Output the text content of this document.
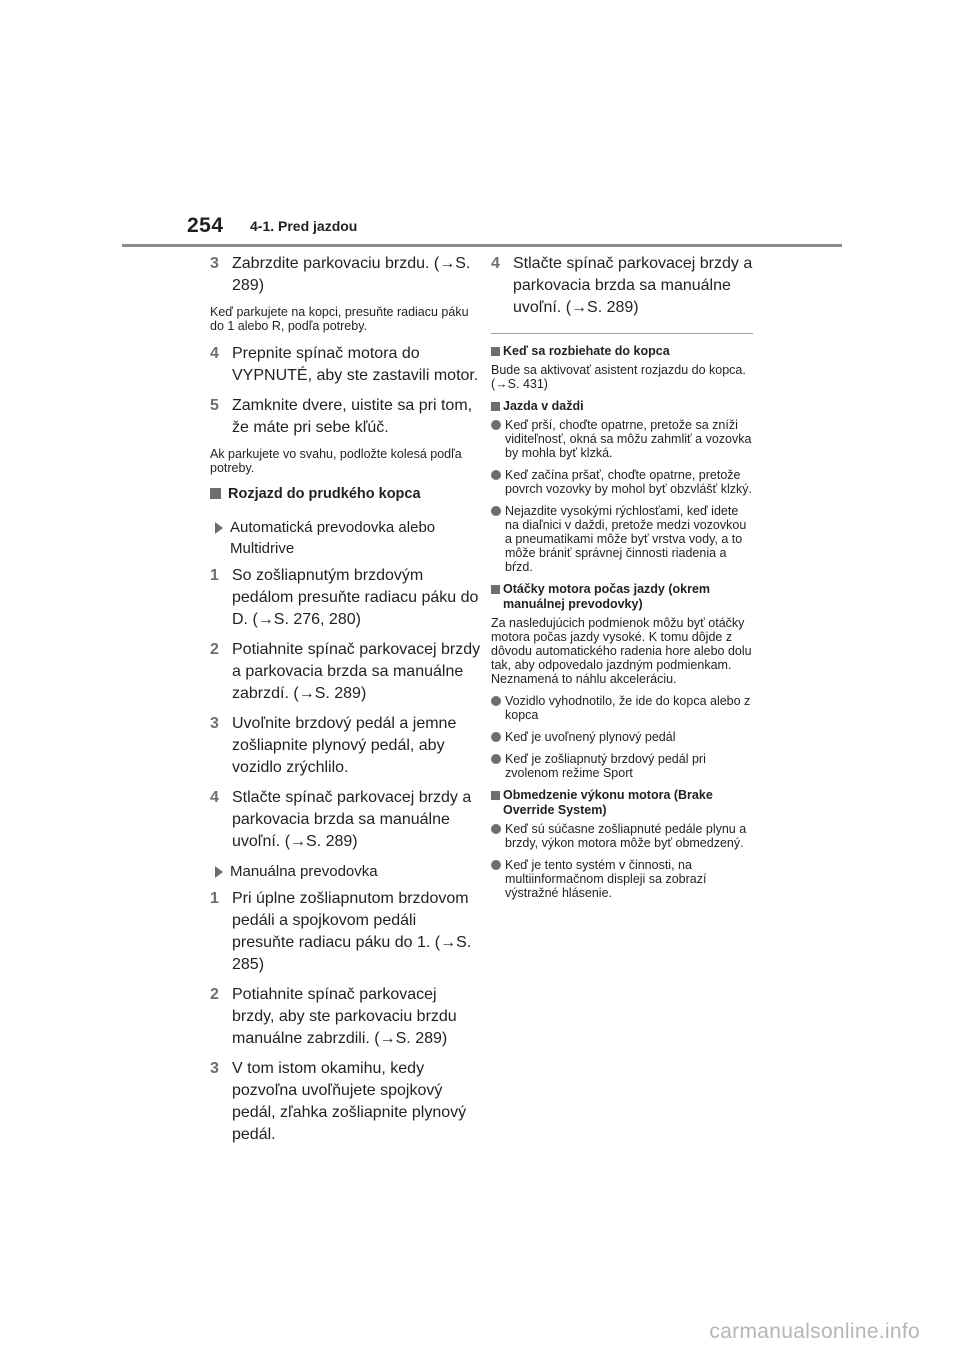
254 4-1. Pred jazdou
3 Zabrzdite parkovaciu brzdu. (→S. 289)
Keď parkujete na kopci, presuňte radiacu páku do 1 alebo R, podľa potreby.
4 Prepnite spínač motora do VYPNUTÉ, aby ste zastavili motor.
5 Zamknite dvere, uistite sa pri tom, že máte pri sebe kľúč.
Ak parkujete vo svahu, podložte kolesá podľa potreby.
Rozjazd do prudkého kopca
Automatická prevodovka alebo Multidrive
1 So zošliapnutým brzdovým pedálom presuňte radiacu páku do D. (→S. 276, 280)
2 Potiahnite spínač parkovacej brzdy a parkovacia brzda sa manuálne zabrzdí. (→S. 289)
3 Uvoľnite brzdový pedál a jemne zošliapnite plynový pedál, aby vozidlo zrýchlilo.
4 Stlačte spínač parkovacej brzdy a parkovacia brzda sa manuálne uvoľní. (→S. 289)
Manuálna prevodovka
1 Pri úplne zošliapnutom brzdovom pedáli a spojkovom pedáli presuňte radiacu páku do 1. (→S. 285)
2 Potiahnite spínač parkovacej brzdy, aby ste parkovaciu brzdu manuálne zabrzdili. (→S. 289)
3 V tom istom okamihu, kedy pozvoľna uvoľňujete spojkový pedál, zľahka zošliapnite plynový pedál.
4 Stlačte spínač parkovacej brzdy a parkovacia brzda sa manuálne uvoľní. (→S. 289)
Keď sa rozbiehate do kopca
Bude sa aktivovať asistent rozjazdu do kopca. (→S. 431)
Jazda v daždi
Keď prší, choďte opatrne, pretože sa zníži viditeľnosť, okná sa môžu zahmliť a vozovka by mohla byť klzká.
Keď začína pršať, choďte opatrne, pretože povrch vozovky by mohol byť obzvlášť klzký.
Nejazdite vysokými rýchlosťami, keď idete na diaľnici v daždi, pretože medzi vozovkou a pneumatikami môže byť vrstva vody, a to môže brániť správnej činnosti riadenia a bŕzd.
Otáčky motora počas jazdy (okrem manuálnej prevodovky)
Za nasledujúcich podmienok môžu byť otáčky motora počas jazdy vysoké. K tomu dôjde z dôvodu automatického radenia hore alebo dolu tak, aby odpovedalo jazdným podmienkam. Neznamená to náhlu akceleráciu.
Vozidlo vyhodnotilo, že ide do kopca alebo z kopca
Keď je uvoľnený plynový pedál
Keď je zošliapnutý brzdový pedál pri zvolenom režime Sport
Obmedzenie výkonu motora (Brake Override System)
Keď sú súčasne zošliapnuté pedále plynu a brzdy, výkon motora môže byť obmedzený.
Keď je tento systém v činnosti, na multiinformačnom displeji sa zobrazí výstražné hlásenie.
carmanualsonline.info
